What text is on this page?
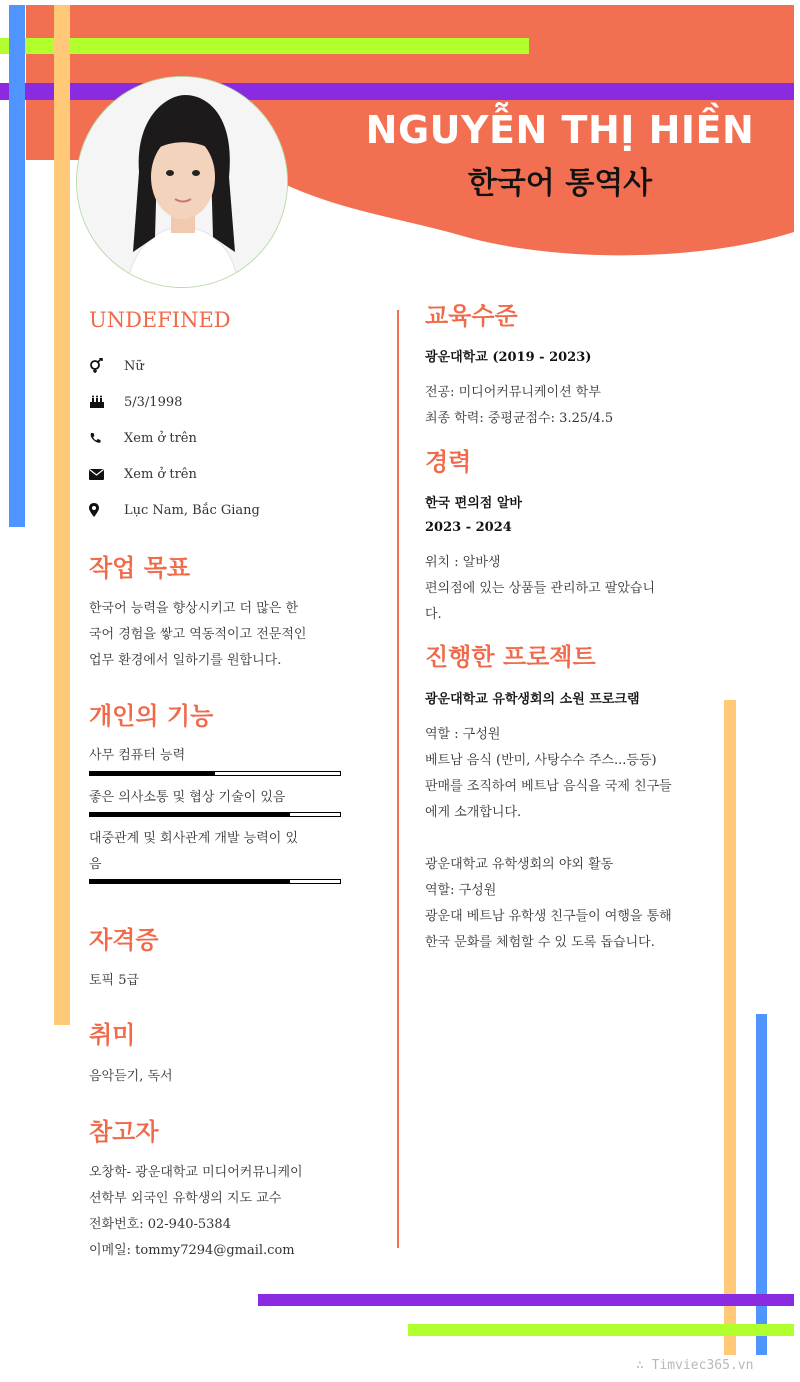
NGUYỄN THỊ HIỀN
한국어 통역사
UNDEFINED
Nữ
5/3/1998
Xem ở trên
Xem ở trên
Lục Nam, Bắc Giang
작업 목표
한국어 능력을 향상시키고 더 많은 한
국어 경험을 쌓고 역동적이고 전문적인
업무 환경에서 일하기를 원합니다.
개인의 기능
사무 컴퓨터 능력
좋은 의사소통 및 협상 기술이 있음
대중관계 및 회사관계 개발 능력이 있
음
자격증
토픽 5급
취미
음악듣기, 독서
참고자
오창학- 광운대학교 미디어커뮤니케이
션학부 외국인 유학생의 지도 교수
전화번호: 02-940-5384
이메일: tommy7294@gmail.com
교육수준
광운대학교 (2019 - 2023)
전공: 미디어커뮤니케이션 학부
최종 학력: 중평균점수: 3.25/4.5
경력
한국 편의점 알바
2023 - 2024
위치 : 알바생
편의점에 있는 상품들 관리하고 팔았습니
다.
진행한 프로젝트
광운대학교 유학생회의 소원 프로크램
역할 : 구성원
베트남 음식 (반미, 사탕수수 주스...등등)
판매를 조직하여 베트남 음식을 국제 친구들
에게 소개합니다.
광운대학교 유학생회의 야외 활동
역할: 구성원
광운대 베트남 유학생 친구들이 여행을 통해
한국 문화를 체험할 수 있 도록 돕습니다.
∴ Timviec365.vn
